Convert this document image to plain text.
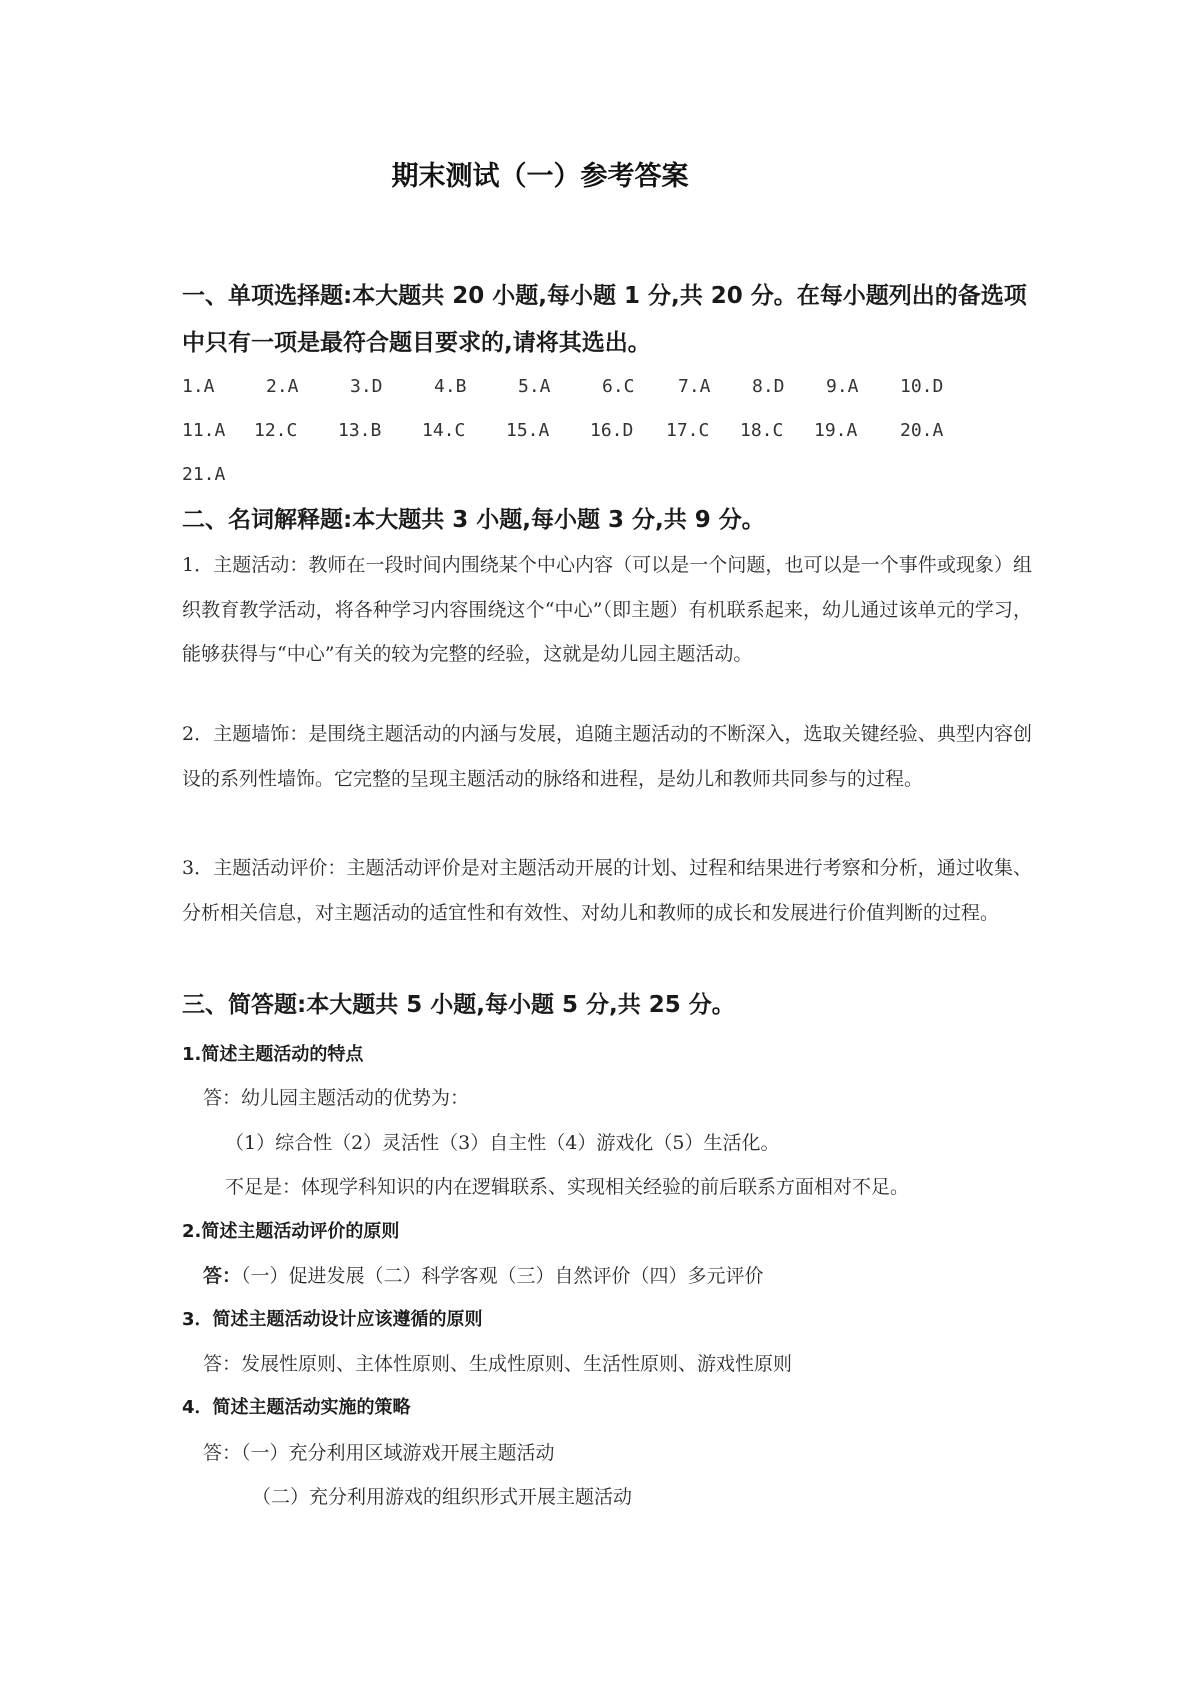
期末测试（一）参考答案
一、单项选择题:本大题共 20 小题,每小题 1 分,共 20 分。在每小题列出的备选项中只有一项是最符合题目要求的,请将其选出。
1.A	2.A	3.D	4.B	5.A	6.C 7.A 8.D 9.A 10.D
11.A 12.C 13.B 14.C 15.A 16.D 17.C 18.C 19.A 20.A
21.A
二、名词解释题:本大题共 3 小题,每小题 3 分,共 9 分。
1．主题活动：教师在一段时间内围绕某个中心内容（可以是一个问题，也可以是一个事件或现象）组织教育教学活动，将各种学习内容围绕这个“中心”（即主题）有机联系起来，幼儿通过该单元的学习，能够获得与“中心”有关的较为完整的经验，这就是幼儿园主题活动。
2．主题墙饰：是围绕主题活动的内涵与发展，追随主题活动的不断深入，选取关键经验、典型内容创设的系列性墙饰。它完整的呈现主题活动的脉络和进程，是幼儿和教师共同参与的过程。
3．主题活动评价：主题活动评价是对主题活动开展的计划、过程和结果进行考察和分析，通过收集、分析相关信息，对主题活动的适宜性和有效性、对幼儿和教师的成长和发展进行价值判断的过程。
三、简答题:本大题共 5 小题,每小题 5 分,共 25 分。
1.简述主题活动的特点
答：幼儿园主题活动的优势为：
（1）综合性（2）灵活性（3）自主性（4）游戏化（5）生活化。
不足是：体现学科知识的内在逻辑联系、实现相关经验的前后联系方面相对不足。
2.简述主题活动评价的原则
答：（一）促进发展（二）科学客观（三）自然评价（四）多元评价
3．简述主题活动设计应该遵循的原则
答：发展性原则、主体性原则、生成性原则、生活性原则、游戏性原则
4．简述主题活动实施的策略
答：（一）充分利用区域游戏开展主题活动
（二）充分利用游戏的组织形式开展主题活动
